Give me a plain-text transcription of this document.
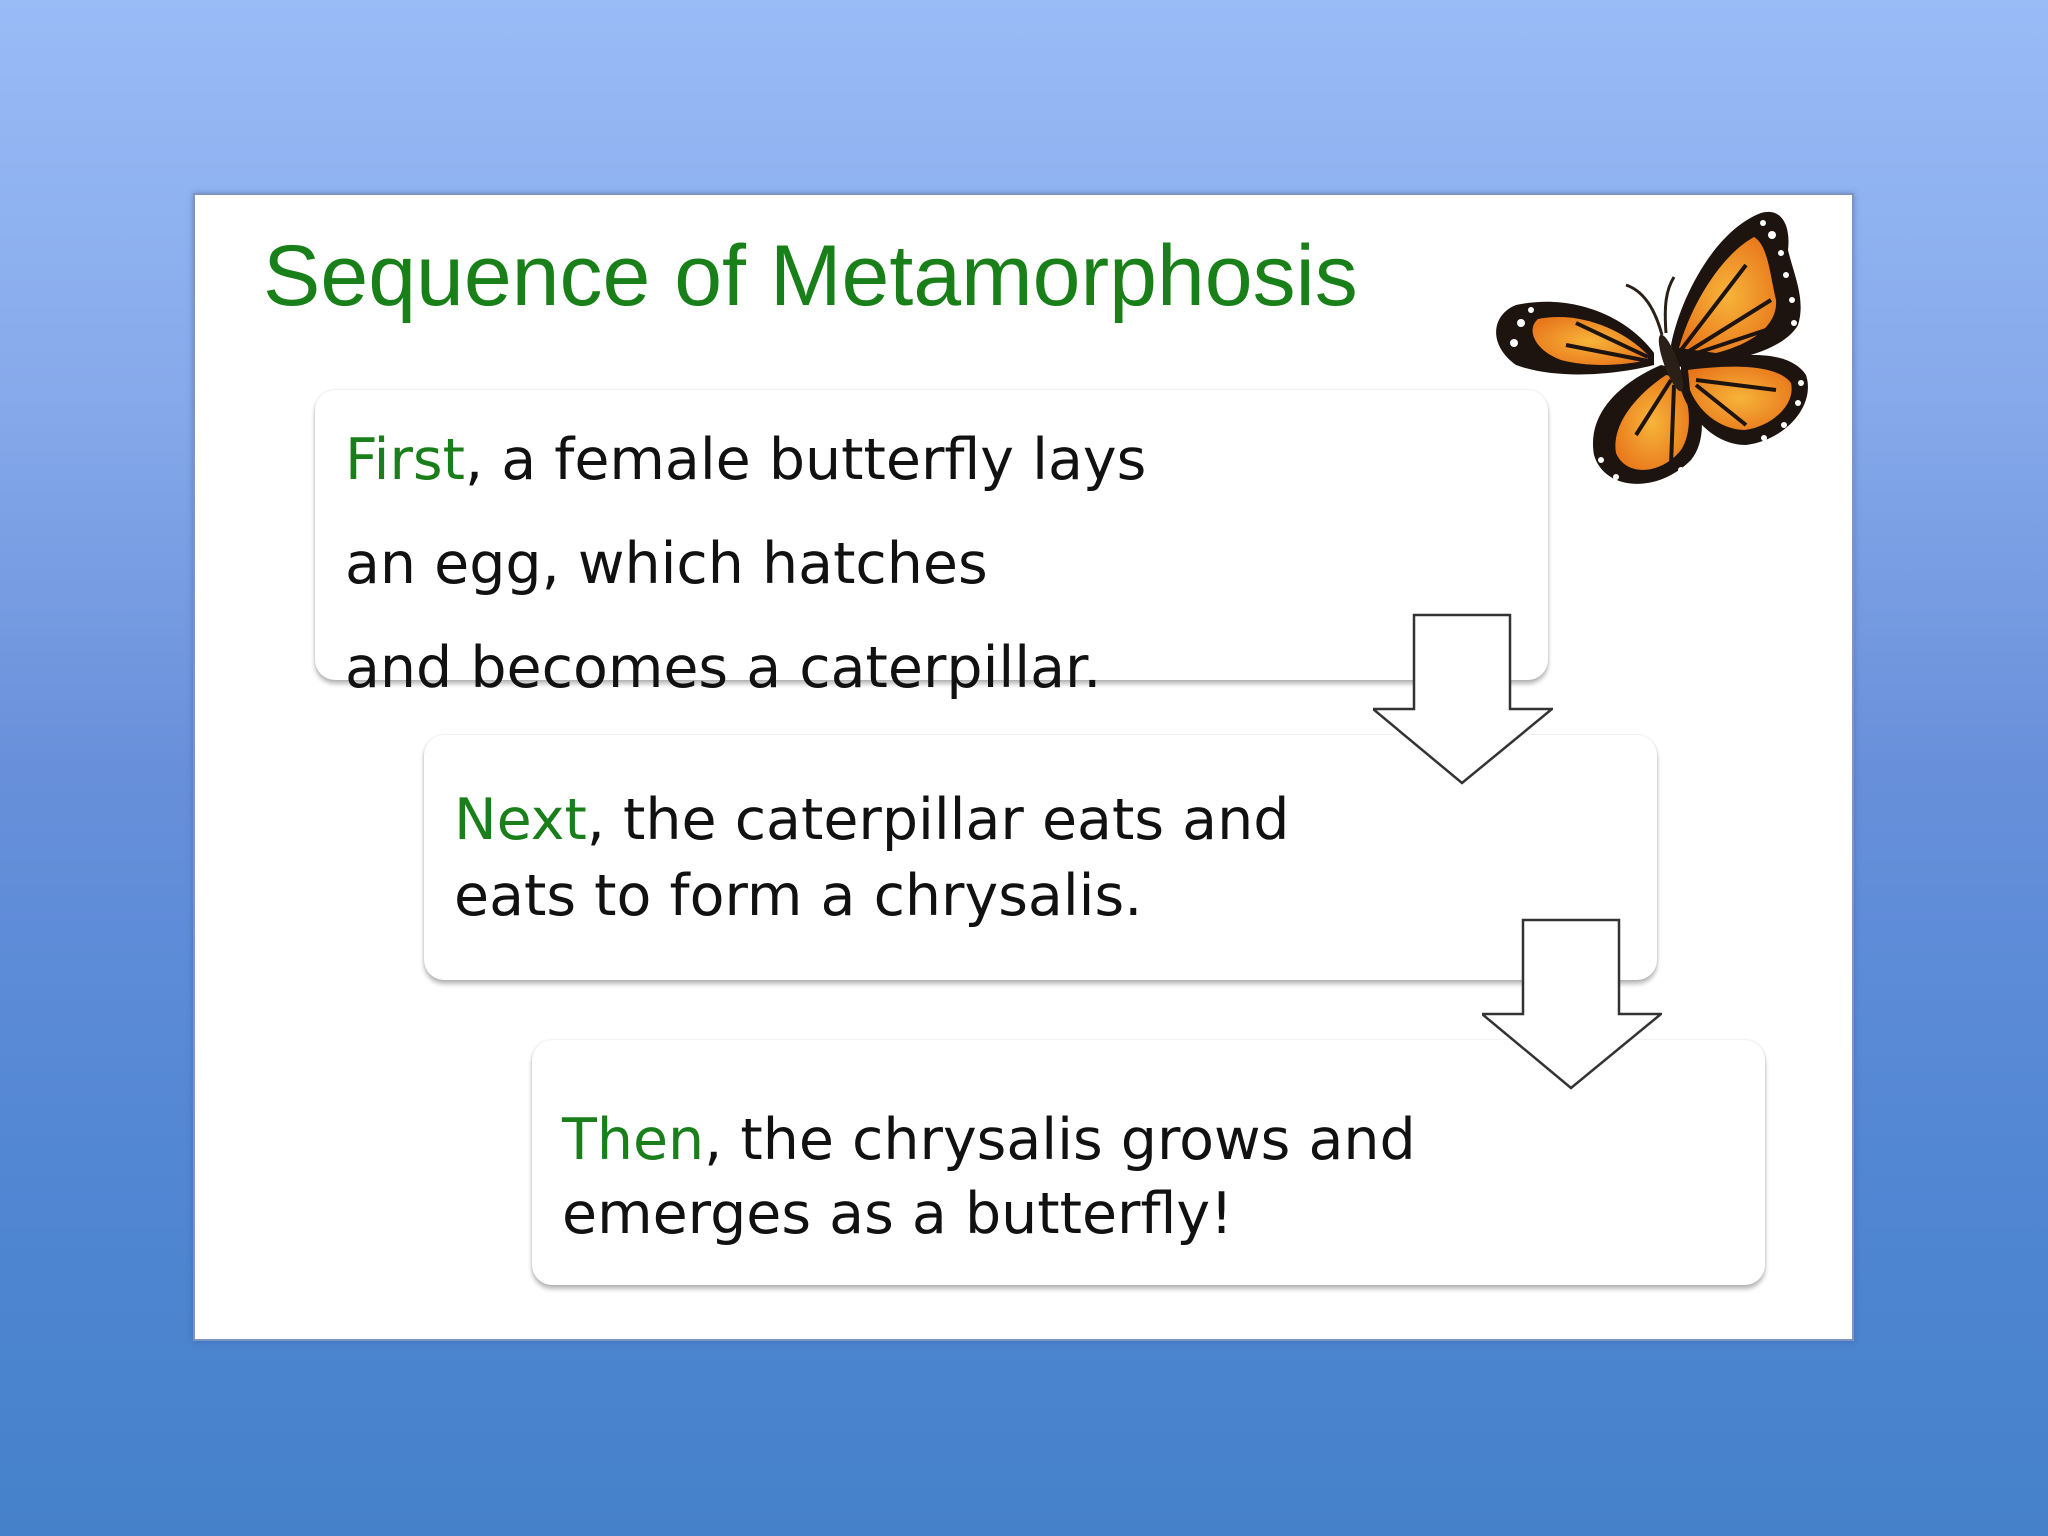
Sequence of Metamorphosis
First, a female butterfly lays
an egg, which hatches
and becomes a caterpillar.
Next, the caterpillar eats and
eats to form a chrysalis.
Then, the chrysalis grows and
emerges as a butterfly!
